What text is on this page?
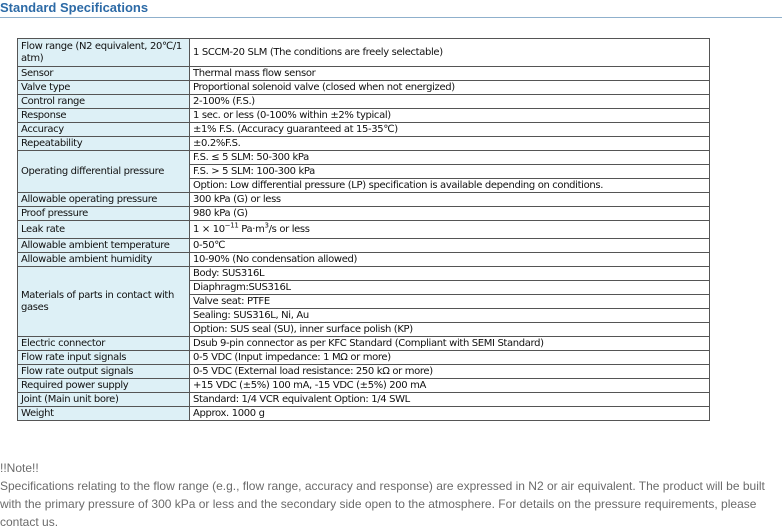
Standard Specifications
Flow range (N2 equivalent, 20℃/1 atm)	1 SCCM-20 SLM (The conditions are freely selectable)
Sensor	Thermal mass flow sensor
Valve type	Proportional solenoid valve (closed when not energized)
Control range	2-100% (F.S.)
Response	1 sec. or less (0-100% within ±2% typical)
Accuracy	±1% F.S. (Accuracy guaranteed at 15-35℃)
Repeatability	±0.2%F.S.
Operating differential pressure	F.S. ≤ 5 SLM: 50-300 kPa
	F.S. > 5 SLM: 100-300 kPa
	Option: Low differential pressure (LP) specification is available depending on conditions.
Allowable operating pressure	300 kPa (G) or less
Proof pressure	980 kPa (G)
Leak rate	$1 \times 10^{-11}$ $Pa\cdot m^3/s$ or less
Allowable ambient temperature	0-50℃
Allowable ambient humidity	10-90% (No condensation allowed)
Materials of parts in contact with gases	Body: SUS316L
	Diaphragm:SUS316L
	Valve seat: PTFE
	Sealing: SUS316L, Ni, Au
	Option: SUS seal (SU), inner surface polish (KP)
Electric connector	Dsub 9-pin connector as per KFC Standard (Compliant with SEMI Standard)
Flow rate input signals	0-5 VDC (Input impedance: 1 MΩ or more)
Flow rate output signals	0-5 VDC (External load resistance: 250 kΩ or more)
Required power supply	+15 VDC (±5%) 100 mA, -15 VDC (±5%) 200 mA
Joint (Main unit bore)	Standard: 1/4 VCR equivalent Option: 1/4 SWL
Weight	Approx. 1000 g

!!Note!!

Specifications relating to the flow range (e.g., flow range, accuracy and response) are expressed in N2 or air equivalent. The product will be built with the primary pressure of 300 kPa or less and the secondary side open to the atmosphere. For details on the pressure requirements, please contact us.
